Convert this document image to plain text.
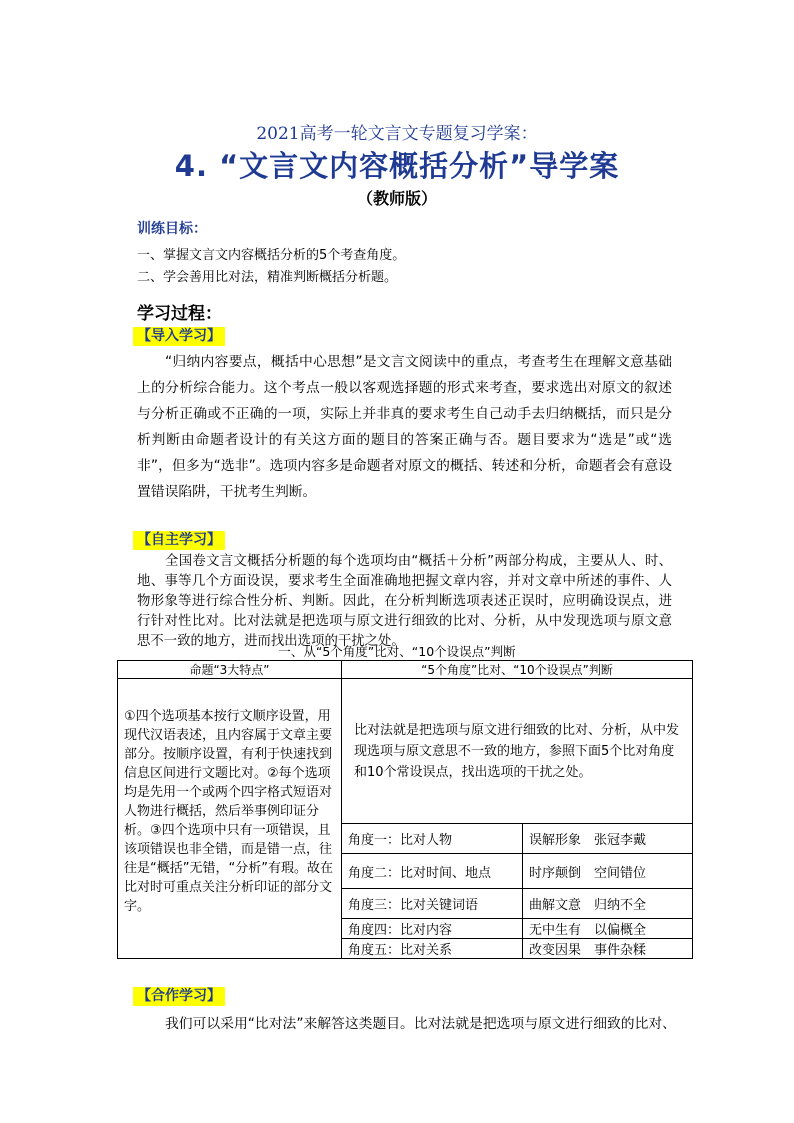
2021高考一轮文言文专题复习学案：
4. “文言文内容概括分析”导学案
（教师版）
训练目标：
一、掌握文言文内容概括分析的5个考查角度。
二、学会善用比对法，精准判断概括分析题。
学习过程：
【导入学习】
“归纳内容要点，概括中心思想”是文言文阅读中的重点，考查考生在理解文意基础上的分析综合能力。这个考点一般以客观选择题的形式来考查，要求选出对原文的叙述与分析正确或不正确的一项，实际上并非真的要求考生自己动手去归纳概括，而只是分析判断由命题者设计的有关这方面的题目的答案正确与否。题目要求为“选是”或“选非”，但多为“选非”。选项内容多是命题者对原文的概括、转述和分析，命题者会有意设置错误陷阱，干扰考生判断。
【自主学习】
全国卷文言文概括分析题的每个选项均由“概括＋分析”两部分构成，主要从人、时、地、事等几个方面设误，要求考生全面准确地把握文章内容，并对文章中所述的事件、人物形象等进行综合性分析、判断。因此，在分析判断选项表述正误时，应明确设误点，进行针对性比对。比对法就是把选项与原文进行细致的比对、分析，从中发现选项与原文意思不一致的地方，进而找出选项的干扰之处。
一、从“5个角度”比对、“10个设误点”判断
命题“3大特点”	“5个角度”比对、“10个设误点”判断	
①四个选项基本按行文顺序设置，用现代汉语表述，且内容属于文章主要部分。按顺序设置，有利于快速找到信息区间进行文题比对。②每个选项均是先用一个或两个四字格式短语对人物进行概括，然后举事例印证分析。③四个选项中只有一项错误，且该项错误也非全错，而是错一点，往往是“概括”无错，“分析”有瑕。故在比对时可重点关注分析印证的部分文字。	比对法就是把选项与原文进行细致的比对、分析，从中发现选项与原文意思不一致的地方，参照下面5个比对角度和10个常设误点，找出选项的干扰之处。	

	角度一：比对人物	误解形象　张冠李戴
	角度二：比对时间、地点	时序颠倒　空间错位
	角度三：比对关键词语	曲解文意　归纳不全
	角度四：比对内容	无中生有　以偏概全
	角度五：比对关系	改变因果　事件杂糅
【合作学习】
我们可以采用“比对法”来解答这类题目。比对法就是把选项与原文进行细致的比对、
